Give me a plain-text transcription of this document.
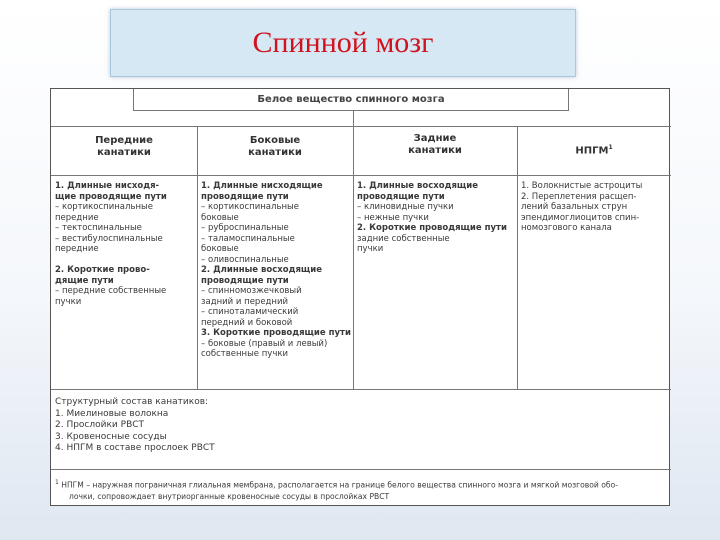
Спинной мозг
Белое вещество спинного мозга
Передние
канатики
Боковые
канатики
Задние
канатики	НПГМ$^1$
1. Длинные нисходя-
щие проводящие пути
– кортикоспинальные
передние
– тектоспинальные
– вестибулоспинальные
передние

2. Короткие прово-
дящие пути
– передние собственные
пучки
1. Длинные нисходящие
проводящие пути
– кортикоспинальные
боковые
– руброспинальные
– таламоспинальные
боковые
– оливоспинальные
2. Длинные восходящие
проводящие пути
– спинномозжечковый
задний и передний
– спиноталамический
передний и боковой
3. Короткие проводящие пути
– боковые (правый и левый)
собственные пучки
1. Длинные восходящие
проводящие пути
– клиновидные пучки
– нежные пучки
2. Короткие проводящие пути
задние собственные
пучки
1. Волокнистые астроциты
2. Переплетения расщеп-
лений базальных струн
эпендимоглиоцитов спин-
номозгового канала
Структурный состав канатиков:
1. Миелиновые волокна
2. Прослойки РВСТ
3. Кровеносные сосуды
4. НПГМ в составе прослоек РВСТ
$^1$ НПГМ – наружная пограничная глиальная мембрана, располагается на границе белого вещества спинного мозга и мягкой мозговой обо-
лочки, сопровождает внутриорганные кровеносные сосуды в прослойках РВСТ
